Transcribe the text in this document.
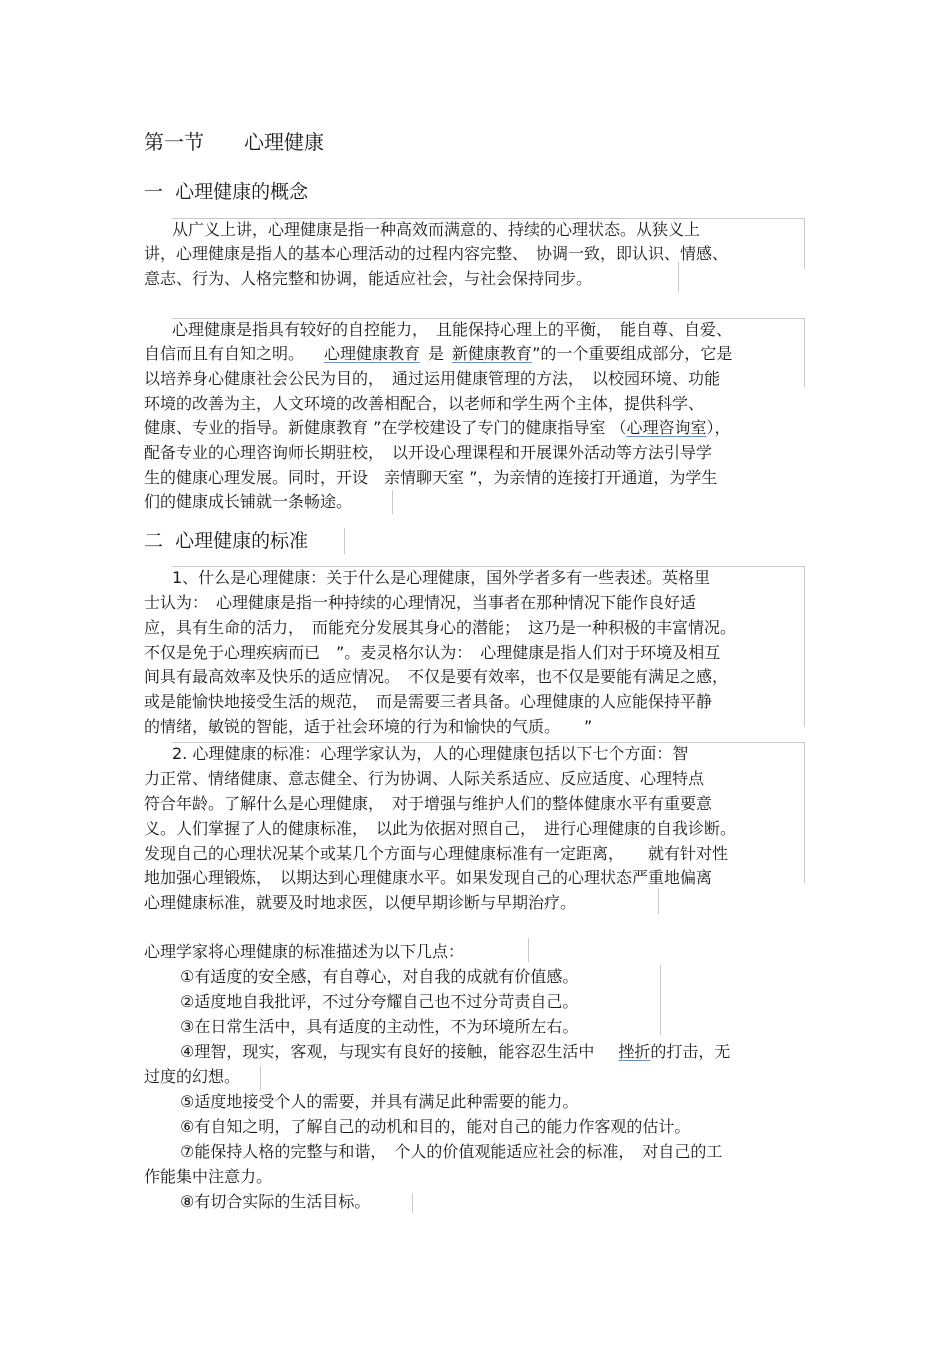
第一节　　心理健康
一  心理健康的概念
从广义上讲，心理健康是指一种高效而满意的、持续的心理状态。从狭义上
讲，心理健康是指人的基本心理活动的过程内容完整、　协调一致，即认识、情感、
意志、行为、人格完整和协调，能适应社会，与社会保持同步。
心理健康是指具有较好的自控能力，　且能保持心理上的平衡，　能自尊、自爱、
自信而且有自知之明。 心理健康教育 是 新健康教育”的一个重要组成部分，它是
以培养身心健康社会公民为目的，　通过运用健康管理的方法，　以校园环境、功能
环境的改善为主，人文环境的改善相配合，以老师和学生两个主体，提供科学、
健康、专业的指导。新健康教育 ”在学校建设了专门的健康指导室 （心理咨询室），
配备专业的心理咨询师长期驻校，　以开设心理课程和开展课外活动等方法引导学
生的健康心理发展。同时，开设　亲情聊天室 ”，为亲情的连接打开通道，为学生
们的健康成长铺就一条畅途。
二  心理健康的标准
1、什么是心理健康：关于什么是心理健康，国外学者多有一些表述。英格里
士认为：　心理健康是指一种持续的心理情况，当事者在那种情况下能作良好适
应，具有生命的活力，　而能充分发展其身心的潜能；　这乃是一种积极的丰富情况。
不仅是免于心理疾病而已　”。麦灵格尔认为：　心理健康是指人们对于环境及相互
间具有最高效率及快乐的适应情况。　不仅是要有效率，也不仅是要能有满足之感，
或是能愉快地接受生活的规范，　而是需要三者具备。心理健康的人应能保持平静
的情绪，敏锐的智能，适于社会环境的行为和愉快的气质。　　”
2. 心理健康的标准：心理学家认为，人的心理健康包括以下七个方面：智
力正常、情绪健康、意志健全、行为协调、人际关系适应、反应适度、心理特点
符合年龄。了解什么是心理健康，　对于增强与维护人们的整体健康水平有重要意
义。人们掌握了人的健康标准，　以此为依据对照自己，　进行心理健康的自我诊断。
发现自己的心理状况某个或某几个方面与心理健康标准有一定距离，　　就有针对性
地加强心理锻炼，　以期达到心理健康水平。如果发现自己的心理状态严重地偏离
心理健康标准，就要及时地求医，以便早期诊断与早期治疗。
心理学家将心理健康的标准描述为以下几点：
①有适度的安全感，有自尊心，对自我的成就有价值感。
②适度地自我批评，不过分夸耀自己也不过分苛责自己。
③在日常生活中，具有适度的主动性，不为环境所左右。
④理智，现实，客观，与现实有良好的接触，能容忍生活中 挫折的打击，无
过度的幻想。
⑤适度地接受个人的需要，并具有满足此种需要的能力。
⑥有自知之明，了解自己的动机和目的，能对自己的能力作客观的估计。
⑦能保持人格的完整与和谐，　个人的价值观能适应社会的标准，　对自己的工
作能集中注意力。
⑧有切合实际的生活目标。
